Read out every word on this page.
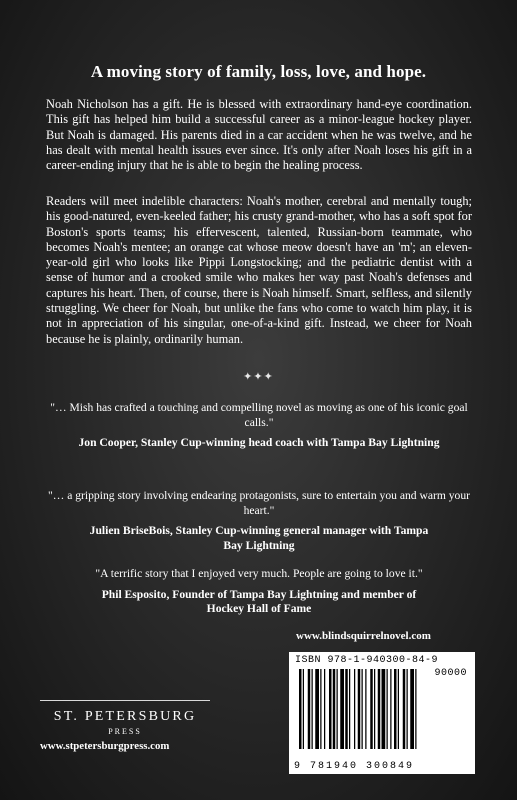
A moving story of family, loss, love, and hope.

Noah Nicholson has a gift. He is blessed with extraordinary hand-eye coordination. This gift has helped him build a successful career as a minor-league hockey player. But Noah is damaged. His parents died in a car accident when he was twelve, and he has dealt with mental health issues ever since. It's only after Noah loses his gift in a career-ending injury that he is able to begin the healing process.

Readers will meet indelible characters: Noah's mother, cerebral and mentally tough; his good-natured, even-keeled father; his crusty grand-mother, who has a soft spot for Boston's sports teams; his effervescent, talented, Russian-born teammate, who becomes Noah's mentee; an orange cat whose meow doesn't have an 'm'; an eleven-year-old girl who looks like Pippi Longstocking; and the pediatric dentist with a sense of humor and a crooked smile who makes her way past Noah's defenses and captures his heart. Then, of course, there is Noah himself. Smart, selfless, and silently struggling. We cheer for Noah, but unlike the fans who come to watch him play, it is not in appreciation of his singular, one-of-a-kind gift. Instead, we cheer for Noah because he is plainly, ordinarily human.

✦✦✦

"… Mish has crafted a touching and compelling novel as moving as one of his iconic goal calls."

Jon Cooper, Stanley Cup-winning head coach with Tampa Bay Lightning

"… a gripping story involving endearing protagonists, sure to entertain you and warm your heart."

Julien BriseBois, Stanley Cup-winning general manager with Tampa Bay Lightning

"A terrific story that I enjoyed very much. People are going to love it."

Phil Esposito, Founder of Tampa Bay Lightning and member of Hockey Hall of Fame

www.blindsquirrelnovel.com
ISBN 978-1-940300-84-9
90000
9 781940 300849
ST. PETERSBURG
PRESS
www.stpetersburgpress.com
